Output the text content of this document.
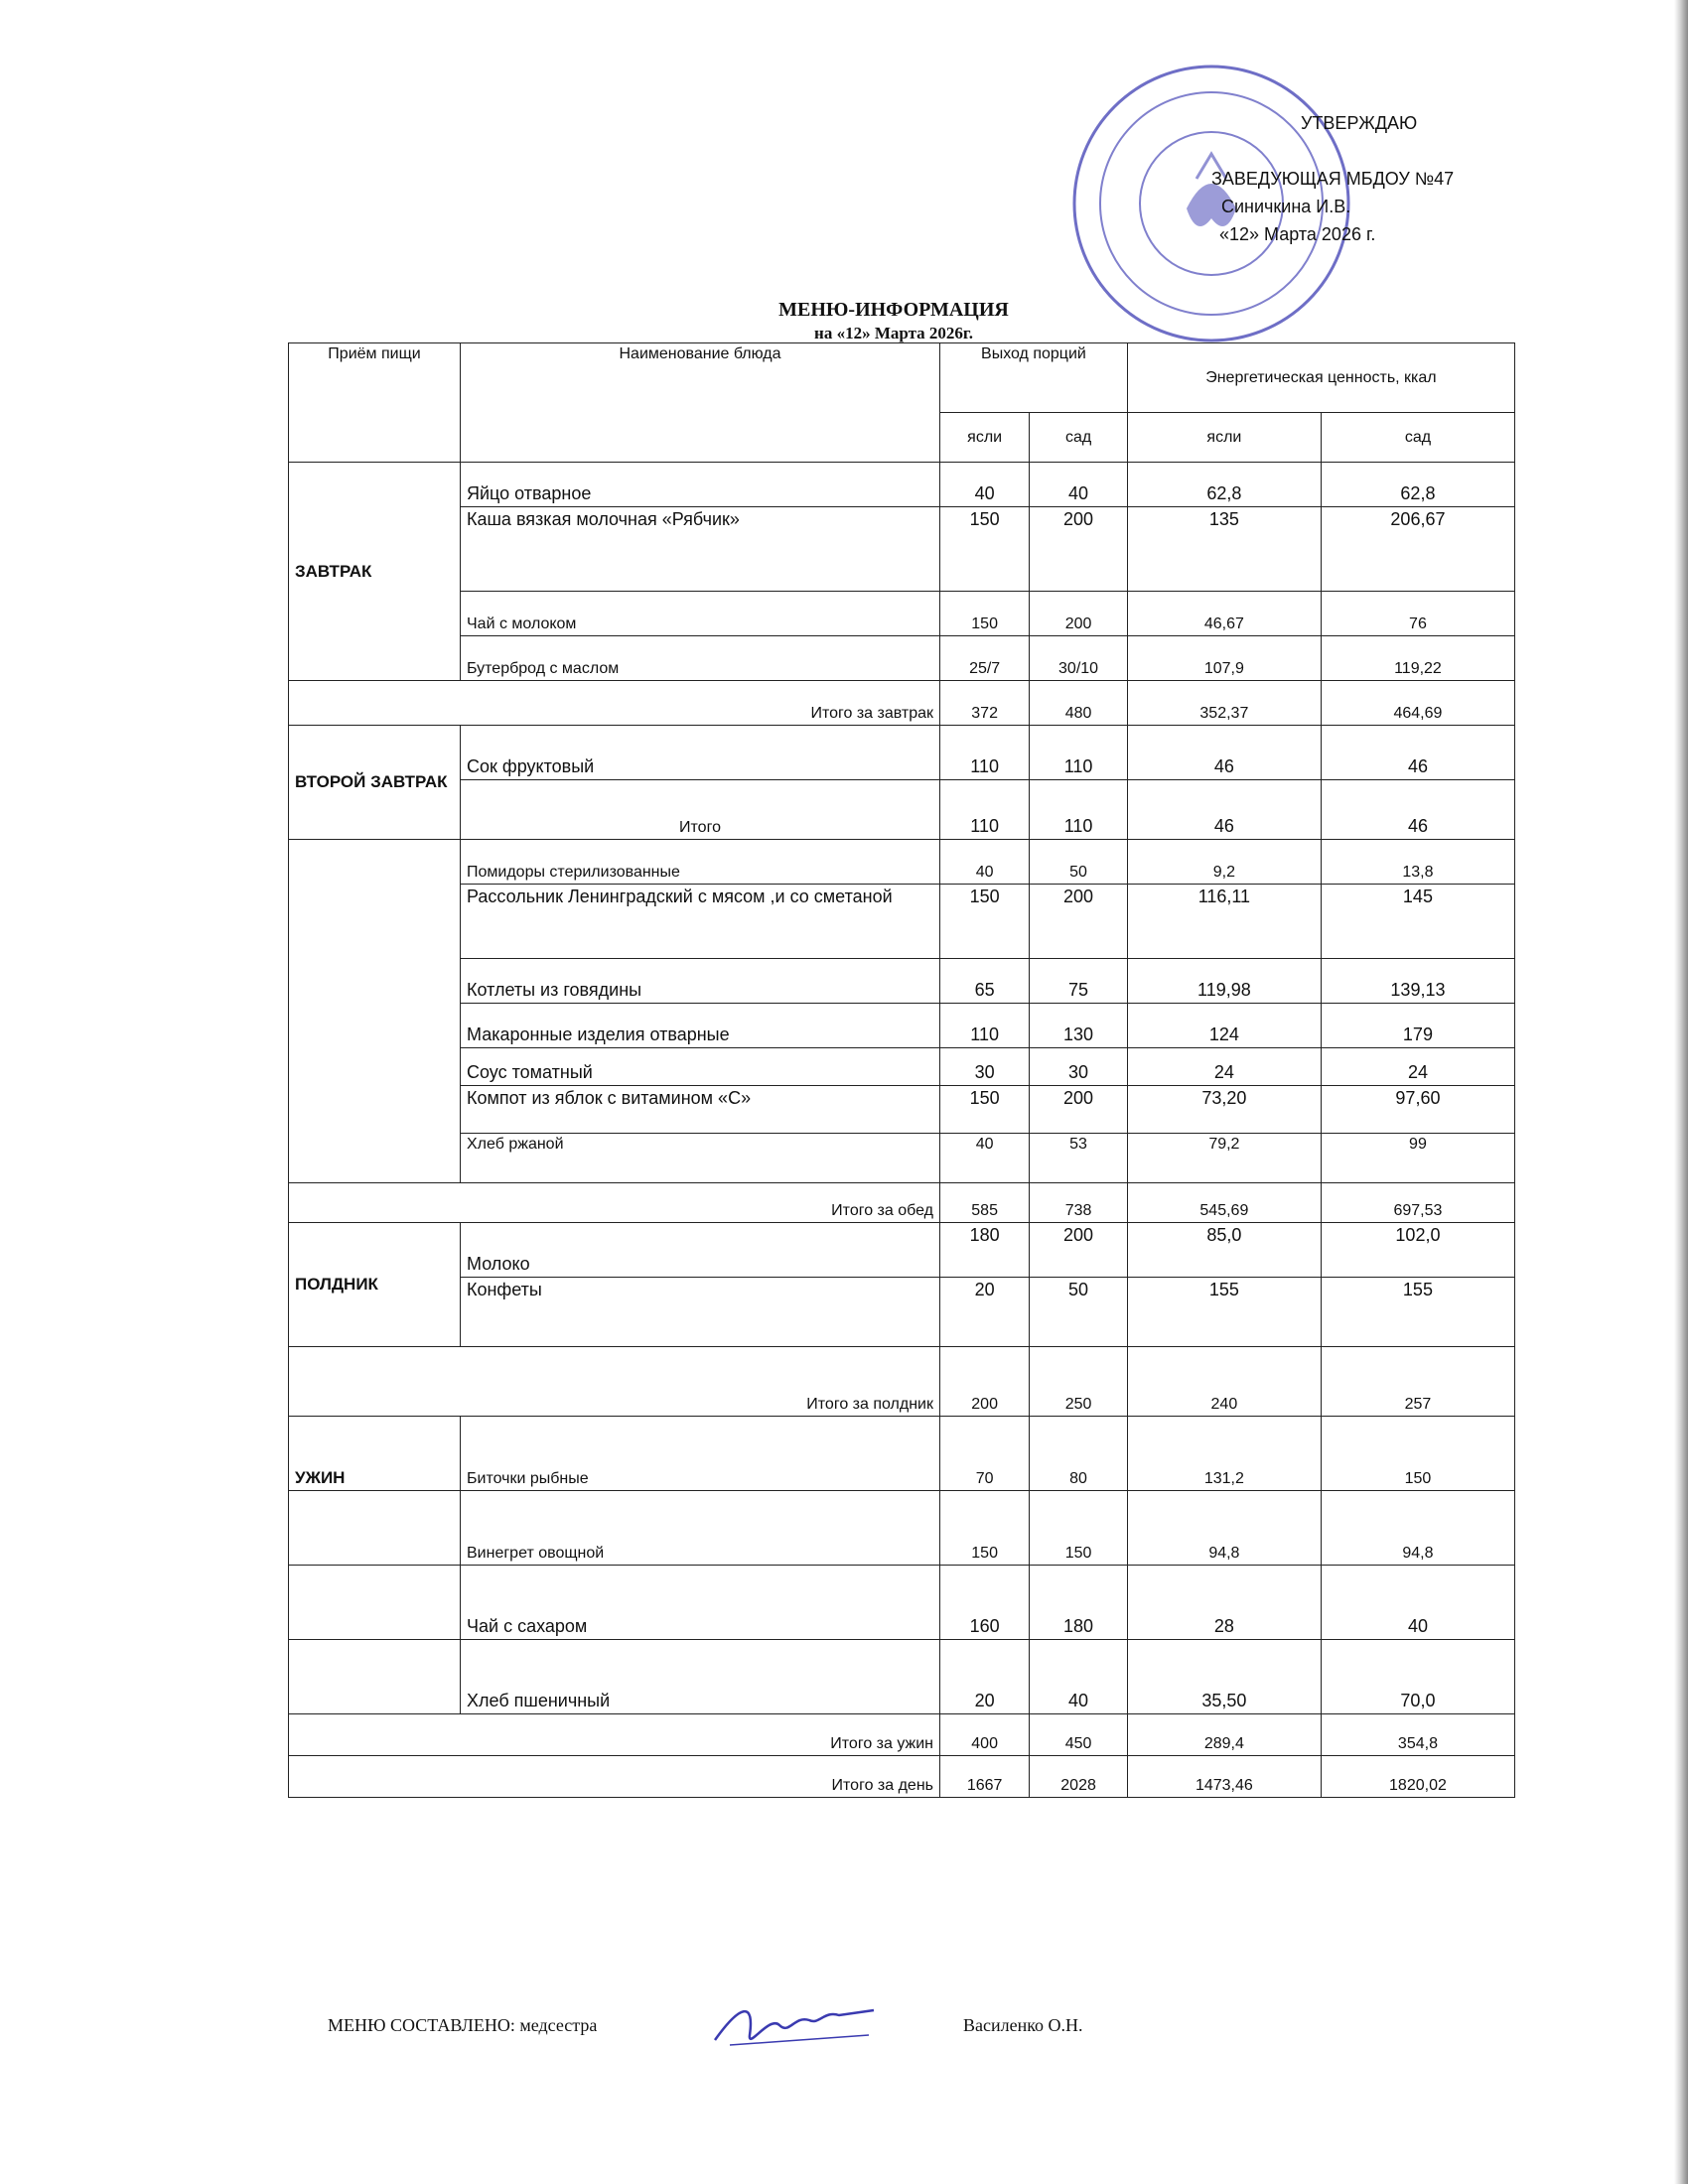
УТВЕРЖДАЮ
ЗАВЕДУЮЩАЯ МБДОУ №47
Синичкина И.В.
«12» Марта 2026 г.
МЕНЮ-ИНФОРМАЦИЯ
на «12» Марта 2026г.
Приём пищи	Наименование блюда	Выход порций		Энергетическая ценность, ккал	
		ясли	сад	ясли	сад
ЗАВТРАК	Яйцо отварное	40	40	62,8	62,8
	Каша вязкая молочная «Рябчик»	150	200	135	206,67
	Чай с молоком	150	200	46,67	76
	Бутерброд с маслом	25/7	30/10	107,9	119,22
Итого за завтрак		372	480	352,37	464,69
ВТОРОЙ ЗАВТРАК	Сок фруктовый	110	110	46	46
	Итого	110	110	46	46
	Помидоры стерилизованные	40	50	9,2	13,8
	Рассольник Ленинградский с мясом ,и со сметаной	150	200	116,11	145
	Котлеты из говядины	65	75	119,98	139,13
	Макаронные изделия отварные	110	130	124	179
	Соус томатный	30	30	24	24
	Компот из яблок с витамином «С»	150	200	73,20	97,60
	Хлеб ржаной	40	53	79,2	99
Итого за обед		585	738	545,69	697,53
ПОЛДНИК	Молоко	180	200	85,0	102,0
	Конфеты	20	50	155	155
Итого за полдник		200	250	240	257
УЖИН	Биточки рыбные	70	80	131,2	150
	Винегрет овощной	150	150	94,8	94,8
	Чай с сахаром	160	180	28	40
	Хлеб пшеничный	20	40	35,50	70,0
Итого за ужин		400	450	289,4	354,8
Итого за день		1667	2028	1473,46	1820,02
МЕНЮ СОСТАВЛЕНО: медсестра	Василенко О.Н.
